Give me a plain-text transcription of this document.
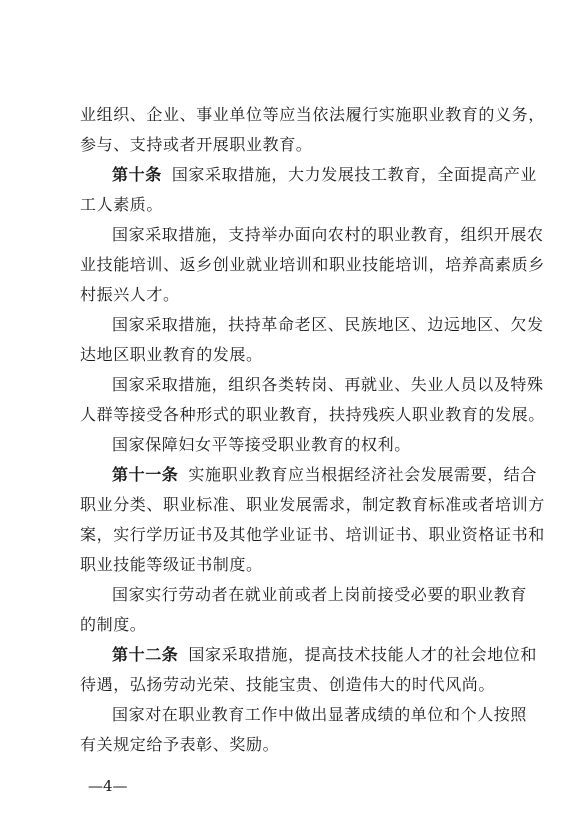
业组织、企业、事业单位等应当依法履行实施职业教育的义务，
参与、支持或者开展职业教育。
第十条 国家采取措施，大力发展技工教育，全面提高产业
工人素质。
国家采取措施，支持举办面向农村的职业教育，组织开展农
业技能培训、返乡创业就业培训和职业技能培训，培养高素质乡
村振兴人才。
国家采取措施，扶持革命老区、民族地区、边远地区、欠发
达地区职业教育的发展。
国家采取措施，组织各类转岗、再就业、失业人员以及特殊
人群等接受各种形式的职业教育，扶持残疾人职业教育的发展。
国家保障妇女平等接受职业教育的权利。
第十一条 实施职业教育应当根据经济社会发展需要，结合
职业分类、职业标准、职业发展需求，制定教育标准或者培训方
案，实行学历证书及其他学业证书、培训证书、职业资格证书和
职业技能等级证书制度。
国家实行劳动者在就业前或者上岗前接受必要的职业教育
的制度。
第十二条 国家采取措施，提高技术技能人才的社会地位和
待遇，弘扬劳动光荣、技能宝贵、创造伟大的时代风尚。
国家对在职业教育工作中做出显著成绩的单位和个人按照
有关规定给予表彰、奖励。
—4—
